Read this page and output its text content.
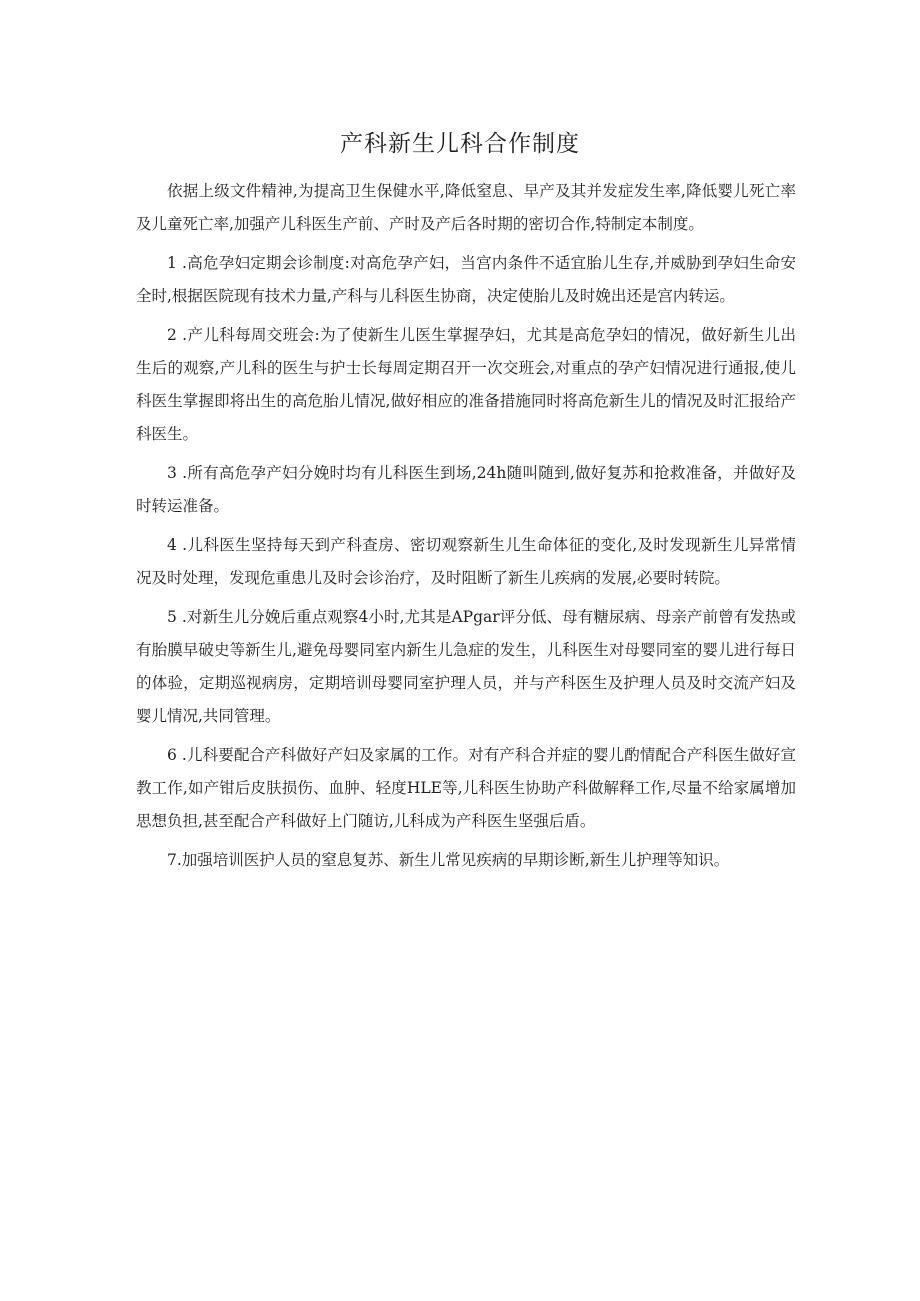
产科新生儿科合作制度

依据上级文件精神,为提高卫生保健水平,降低窒息、早产及其并发症发生率,降低婴儿死亡率及儿童死亡率,加强产儿科医生产前、产时及产后各时期的密切合作,特制定本制度。

1 .高危孕妇定期会诊制度:对高危孕产妇，当宫内条件不适宜胎儿生存,并威胁到孕妇生命安全时,根据医院现有技术力量,产科与儿科医生协商，决定使胎儿及时娩出还是宫内转运。

2 .产儿科每周交班会:为了使新生儿医生掌握孕妇，尤其是高危孕妇的情况，做好新生儿出生后的观察,产儿科的医生与护士长每周定期召开一次交班会,对重点的孕产妇情况进行通报,使儿科医生掌握即将出生的高危胎儿情况,做好相应的准备措施同时将高危新生儿的情况及时汇报给产科医生。

3 .所有高危孕产妇分娩时均有儿科医生到场,24h随叫随到,做好复苏和抢救准备，并做好及时转运准备。

4 .儿科医生坚持每天到产科查房、密切观察新生儿生命体征的变化,及时发现新生儿异常情况及时处理，发现危重患儿及时会诊治疗，及时阻断了新生儿疾病的发展,必要时转院。

5 .对新生儿分娩后重点观察4小时,尤其是APgar评分低、母有糖尿病、母亲产前曾有发热或有胎膜早破史等新生儿,避免母婴同室内新生儿急症的发生，儿科医生对母婴同室的婴儿进行每日的体验，定期巡视病房，定期培训母婴同室护理人员，并与产科医生及护理人员及时交流产妇及婴儿情况,共同管理。

6 .儿科要配合产科做好产妇及家属的工作。对有产科合并症的婴儿酌情配合产科医生做好宣教工作,如产钳后皮肤损伤、血肿、轻度HLE等,儿科医生协助产科做解释工作,尽量不给家属增加思想负担,甚至配合产科做好上门随访,儿科成为产科医生坚强后盾。

7.加强培训医护人员的窒息复苏、新生儿常见疾病的早期诊断,新生儿护理等知识。
